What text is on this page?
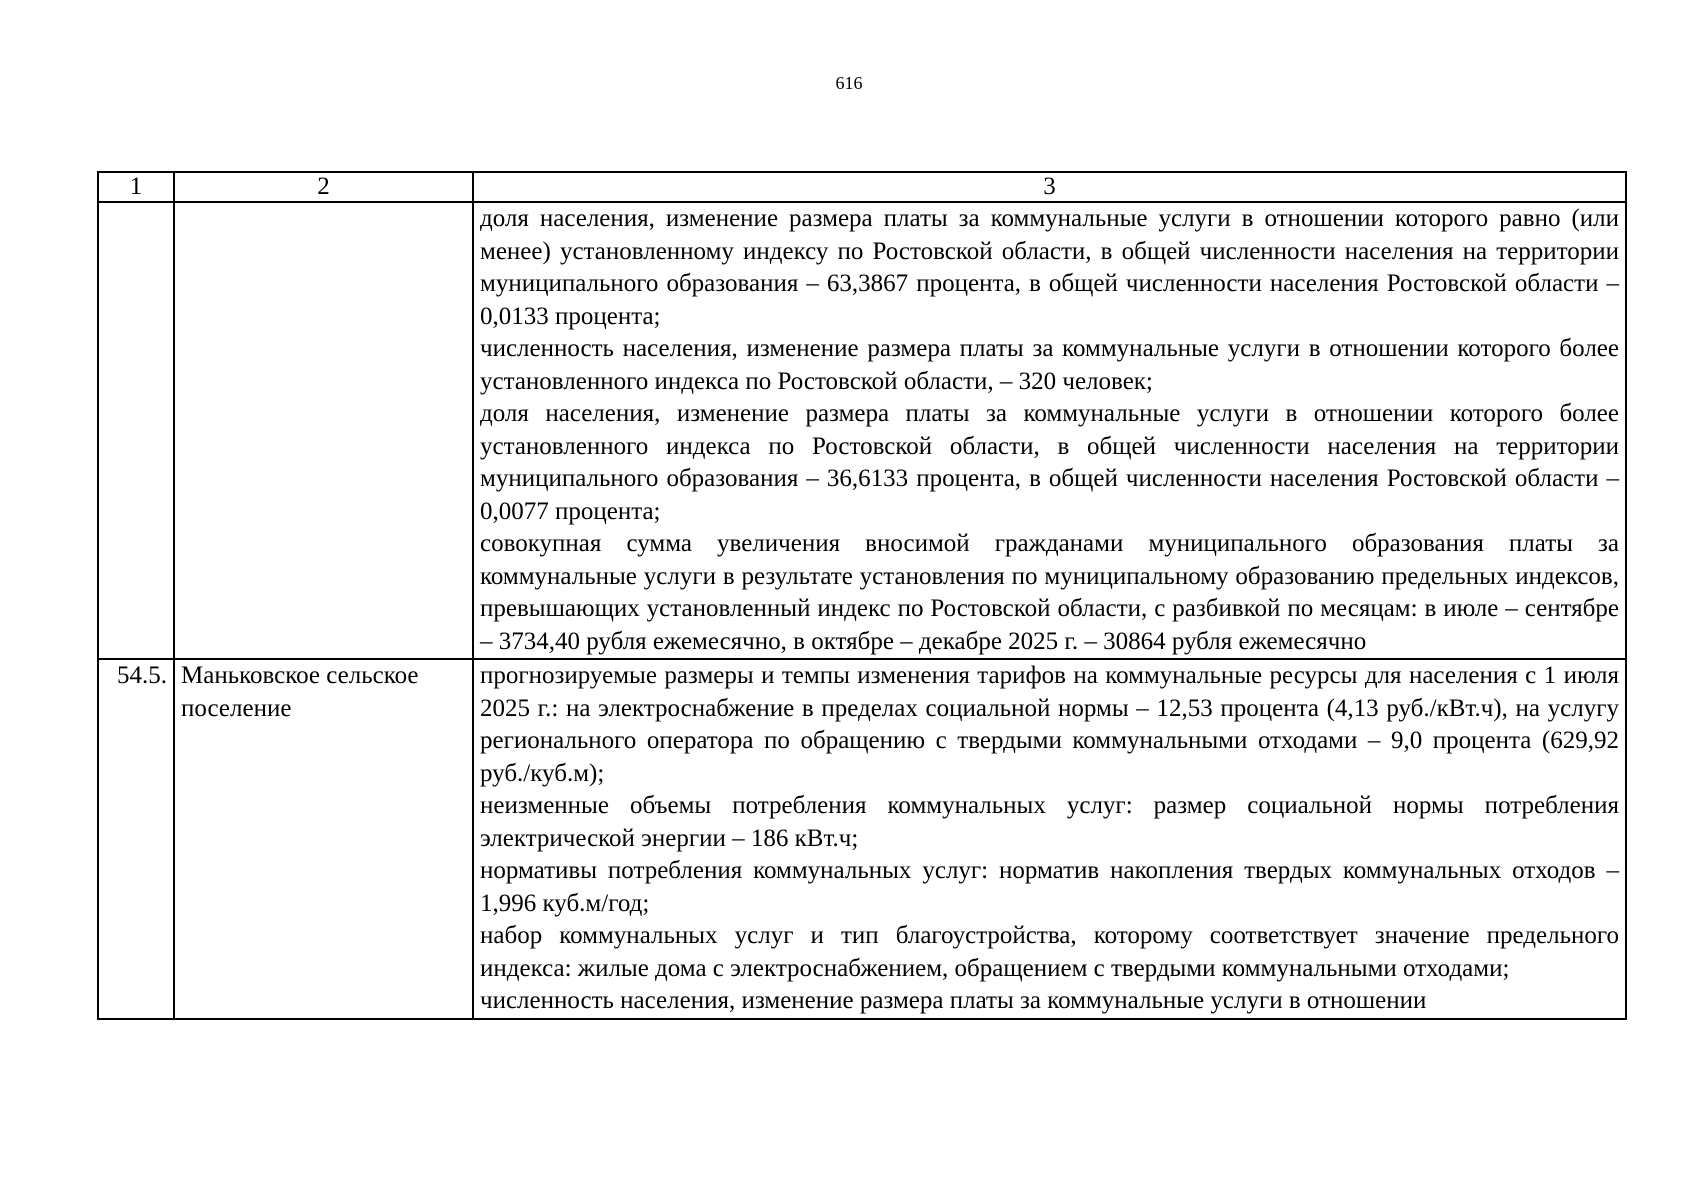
616
1	2	3

		доля населения, изменение размера платы за коммунальные услуги в отношении которого равно (или менее) установленному индексу по Ростовской области, в общей численности населения на территории муниципального образования – 63,3867 процента, в общей численности населения Ростовской области – 0,0133 процента;

численность населения, изменение размера платы за коммунальные услуги в отношении которого более установленного индекса по Ростовской области, – 320 человек;

доля населения, изменение размера платы за коммунальные услуги в отношении которого более установленного индекса по Ростовской области, в общей численности населения на территории муниципального образования – 36,6133 процента, в общей численности населения Ростовской области – 0,0077 процента;

совокупная сумма увеличения вносимой гражданами муниципального образования платы за коммунальные услуги в результате установления по муниципальному образованию предельных индексов, превышающих установленный индекс по Ростовской области, с разбивкой по месяцам: в июле – сентябре – 3734,40 рубля ежемесячно, в октябре – декабре 2025 г. – 30864 рубля ежемесячно

54.5.	Маньковское сельское поселение	прогнозируемые размеры и темпы изменения тарифов на коммунальные ресурсы для населения с 1 июля 2025 г.: на электроснабжение в пределах социальной нормы – 12,53 процента (4,13 руб./кВт.ч), на услугу регионального оператора по обращению с твердыми коммунальными отходами – 9,0 процента (629,92 руб./куб.м);

неизменные объемы потребления коммунальных услуг: размер социальной нормы потребления электрической энергии – 186 кВт.ч;

нормативы потребления коммунальных услуг: норматив накопления твердых коммунальных отходов – 1,996 куб.м/год;

набор коммунальных услуг и тип благоустройства, которому соответствует значение предельного индекса: жилые дома с электроснабжением, обращением с твердыми коммунальными отходами;

численность населения, изменение размера платы за коммунальные услуги в отношении
